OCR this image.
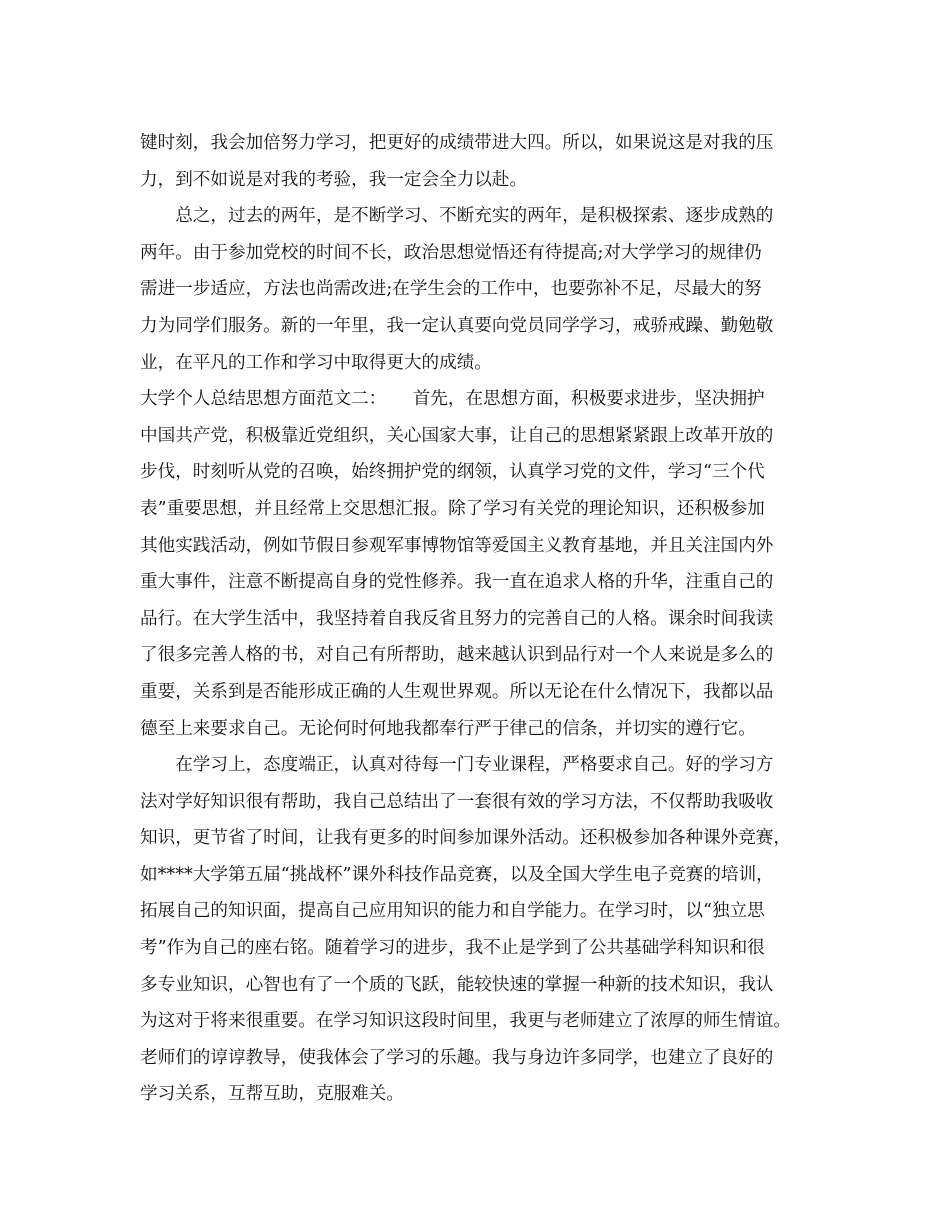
键时刻，我会加倍努力学习，把更好的成绩带进大四。所以，如果说这是对我的压
力，到不如说是对我的考验，我一定会全力以赴。
　　总之，过去的两年，是不断学习、不断充实的两年，是积极探索、逐步成熟的
两年。由于参加党校的时间不长，政治思想觉悟还有待提高;对大学学习的规律仍
需进一步适应，方法也尚需改进;在学生会的工作中，也要弥补不足，尽最大的努
力为同学们服务。新的一年里，我一定认真要向党员同学学习，戒骄戒躁、勤勉敬
业，在平凡的工作和学习中取得更大的成绩。
大学个人总结思想方面范文二：　　首先，在思想方面，积极要求进步，坚决拥护
中国共产党，积极靠近党组织，关心国家大事，让自己的思想紧紧跟上改革开放的
步伐，时刻听从党的召唤，始终拥护党的纲领，认真学习党的文件，学习“三个代
表”重要思想，并且经常上交思想汇报。除了学习有关党的理论知识，还积极参加
其他实践活动，例如节假日参观军事博物馆等爱国主义教育基地，并且关注国内外
重大事件，注意不断提高自身的党性修养。我一直在追求人格的升华，注重自己的
品行。在大学生活中，我坚持着自我反省且努力的完善自己的人格。课余时间我读
了很多完善人格的书，对自己有所帮助，越来越认识到品行对一个人来说是多么的
重要，关系到是否能形成正确的人生观世界观。所以无论在什么情况下，我都以品
德至上来要求自己。无论何时何地我都奉行严于律己的信条，并切实的遵行它。
　　在学习上，态度端正，认真对待每一门专业课程，严格要求自己。好的学习方
法对学好知识很有帮助，我自己总结出了一套很有效的学习方法，不仅帮助我吸收
知识，更节省了时间，让我有更多的时间参加课外活动。还积极参加各种课外竞赛，
如****大学第五届“挑战杯”课外科技作品竞赛，以及全国大学生电子竞赛的培训，
拓展自己的知识面，提高自己应用知识的能力和自学能力。在学习时，以“独立思
考”作为自己的座右铭。随着学习的进步，我不止是学到了公共基础学科知识和很
多专业知识，心智也有了一个质的飞跃，能较快速的掌握一种新的技术知识，我认
为这对于将来很重要。在学习知识这段时间里，我更与老师建立了浓厚的师生情谊。
老师们的谆谆教导，使我体会了学习的乐趣。我与身边许多同学，也建立了良好的
学习关系，互帮互助，克服难关。
